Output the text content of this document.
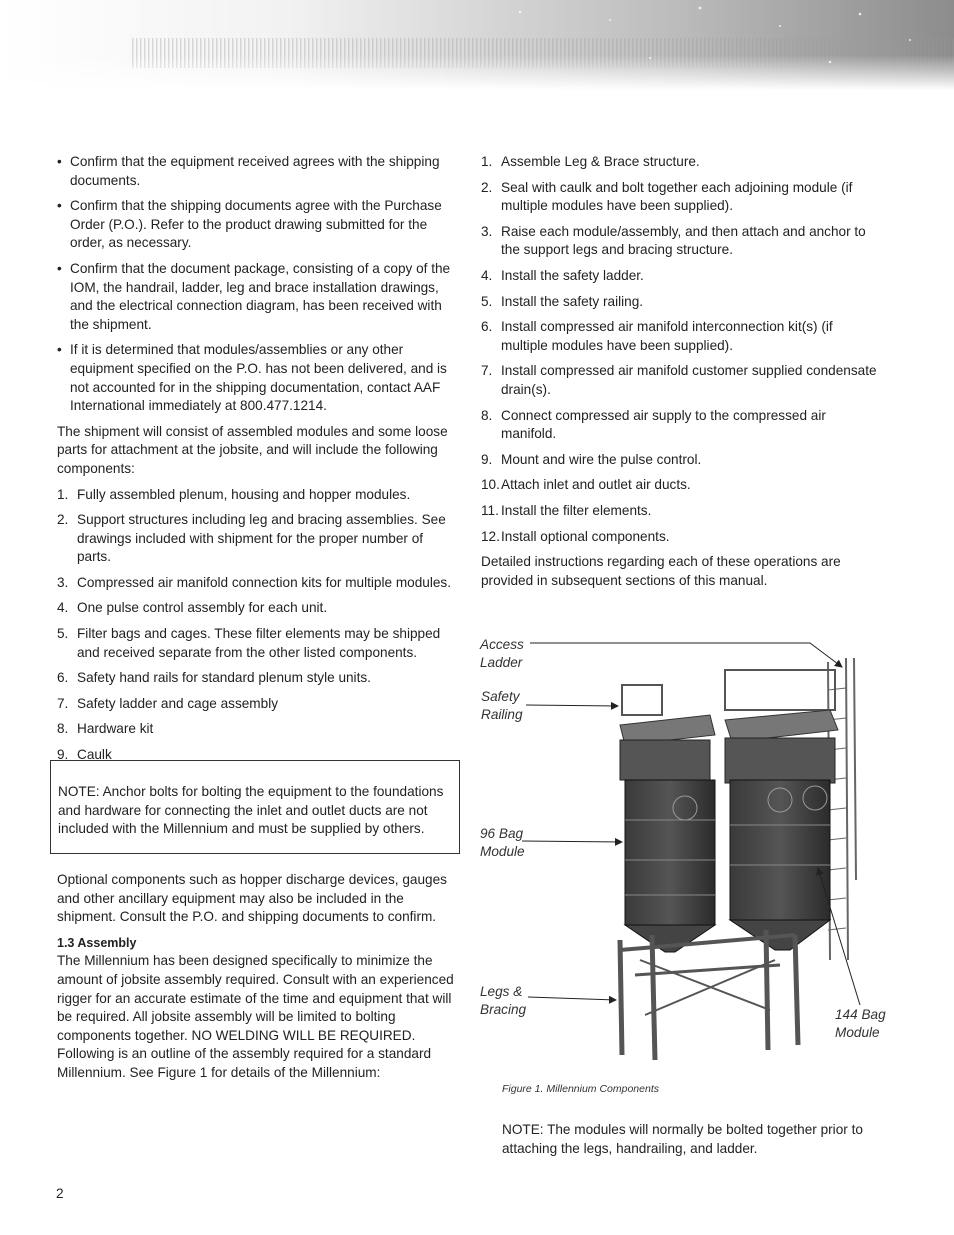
• Confirm that the equipment received agrees with the shipping documents.
• Confirm that the shipping documents agree with the Purchase Order (P.O.). Refer to the product drawing submitted for the order, as necessary.
• Confirm that the document package, consisting of a copy of the IOM, the handrail, ladder, leg and brace installation drawings, and the electrical connection diagram, has been received with the shipment.
• If it is determined that modules/assemblies or any other equipment specified on the P.O. has not been delivered, and is not accounted for in the shipping documentation, contact AAF International immediately at 800.477.1214.

The shipment will consist of assembled modules and some loose parts for attachment at the jobsite, and will include the following components:

1. Fully assembled plenum, housing and hopper modules.
2. Support structures including leg and bracing assemblies. See drawings included with shipment for the proper number of parts.
3. Compressed air manifold connection kits for multiple modules.
4. One pulse control assembly for each unit.
5. Filter bags and cages. These filter elements may be shipped and received separate from the other listed components.
6. Safety hand rails for standard plenum style units.
7. Safety ladder and cage assembly
8. Hardware kit
9. Caulk
NOTE: Anchor bolts for bolting the equipment to the foundations and hardware for connecting the inlet and outlet ducts are not included with the Millennium and must be supplied by others.

Optional components such as hopper discharge devices, gauges and other ancillary equipment may also be included in the shipment. Consult the P.O. and shipping documents to confirm.

1.3 Assembly

The Millennium has been designed specifically to minimize the amount of jobsite assembly required. Consult with an experienced rigger for an accurate estimate of the time and equipment that will be required. All jobsite assembly will be limited to bolting components together. NO WELDING WILL BE REQUIRED. Following is an outline of the assembly required for a standard Millennium. See Figure 1 for details of the Millennium:

1. Assemble Leg & Brace structure.
2. Seal with caulk and bolt together each adjoining module (if multiple modules have been supplied).
3. Raise each module/assembly, and then attach and anchor to the support legs and bracing structure.
4. Install the safety ladder.
5. Install the safety railing.
6. Install compressed air manifold interconnection kit(s) (if multiple modules have been supplied).
7. Install compressed air manifold customer supplied condensate drain(s).
8. Connect compressed air supply to the compressed air manifold.
9. Mount and wire the pulse control.
10. Attach inlet and outlet air ducts.
11. Install the filter elements.
12. Install optional components.

Detailed instructions regarding each of these operations are provided in subsequent sections of this manual.

Access Ladder
Safety Railing
96 Bag Module
Legs & Bracing	144 Bag Module
Figure 1. Millennium Components
NOTE: The modules will normally be bolted together prior to attaching the legs, handrailing, and ladder.
2
